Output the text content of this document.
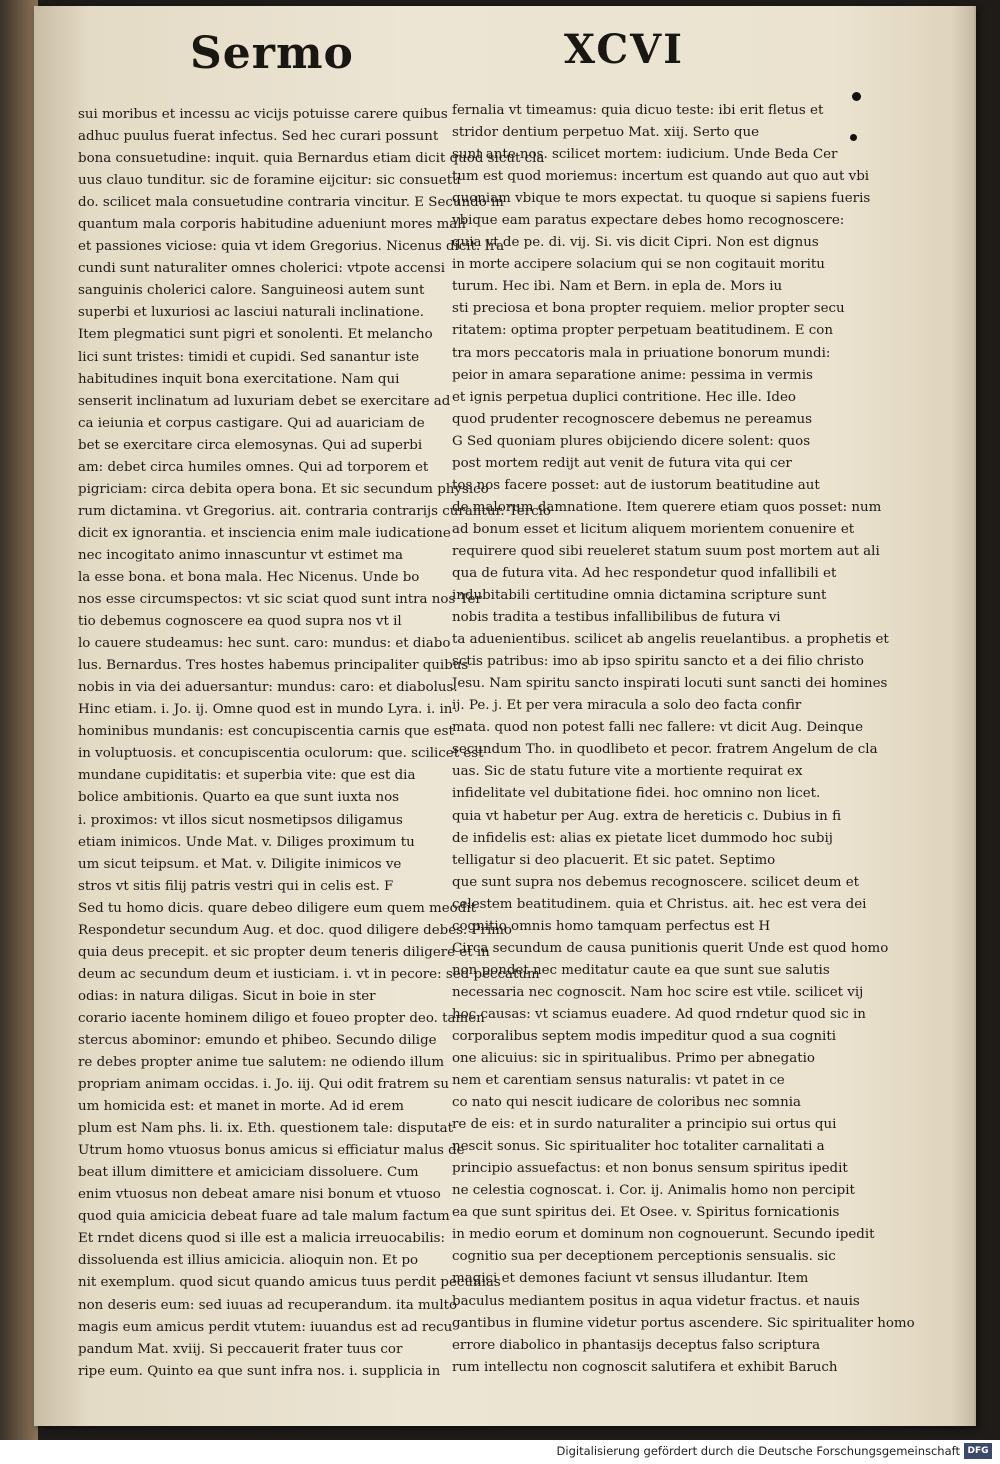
Sermo	XCVI
sui moribus et incessu ac vicijs potuisse carere quibus
adhuc puulus fuerat infectus. Sed hec curari possunt
bona consuetudine: inquit. quia Bernardus etiam dicit quod sicut cla
uus clauo tunditur. sic de foramine eijcitur: sic consuetu
do. scilicet mala consuetudine contraria vincitur. E Secundo in
quantum mala corporis habitudine adueniunt mores mali
et passiones viciose: quia vt idem Gregorius. Nicenus dicit. Ira
cundi sunt naturaliter omnes cholerici: vtpote accensi
sanguinis cholerici calore. Sanguineosi autem sunt
superbi et luxuriosi ac lasciui naturali inclinatione.
Item plegmatici sunt pigri et sonolenti. Et melancho
lici sunt tristes: timidi et cupidi. Sed sanantur iste
habitudines inquit bona exercitatione. Nam qui
senserit inclinatum ad luxuriam debet se exercitare ad
ca ieiunia et corpus castigare. Qui ad auariciam de
bet se exercitare circa elemosynas. Qui ad superbi
am: debet circa humiles omnes. Qui ad torporem et
pigriciam: circa debita opera bona. Et sic secundum physico
rum dictamina. vt Gregorius. ait. contraria contrarijs curantur. Tercio
dicit ex ignorantia. et insciencia enim male iudicatione
nec incogitato animo innascuntur vt estimet ma
la esse bona. et bona mala. Hec Nicenus. Unde bo
nos esse circumspectos: vt sic sciat quod sunt intra nos Ter
tio debemus cognoscere ea quod supra nos vt il
lo cauere studeamus: hec sunt. caro: mundus: et diabo
lus. Bernardus. Tres hostes habemus principaliter quibus
nobis in via dei aduersantur: mundus: caro: et diabolus.
Hinc etiam. i. Jo. ij. Omne quod est in mundo Lyra. i. in
hominibus mundanis: est concupiscentia carnis que est
in voluptuosis. et concupiscentia oculorum: que. scilicet est
mundane cupiditatis: et superbia vite: que est dia
bolice ambitionis. Quarto ea que sunt iuxta nos
i. proximos: vt illos sicut nosmetipsos diligamus
etiam inimicos. Unde Mat. v. Diliges proximum tu
um sicut teipsum. et Mat. v. Diligite inimicos ve
stros vt sitis filij patris vestri qui in celis est. F
Sed tu homo dicis. quare debeo diligere eum quem meodit
Respondetur secundum Aug. et doc. quod diligere debes. Primo
quia deus precepit. et sic propter deum teneris diligere et in
deum ac secundum deum et iusticiam. i. vt in pecore: sed peccatum
odias: in natura diligas. Sicut in boie in ster
corario iacente hominem diligo et foueo propter deo. tamen
stercus abominor: emundo et phibeo. Secundo dilige
re debes propter anime tue salutem: ne odiendo illum
propriam animam occidas. i. Jo. iij. Qui odit fratrem su
um homicida est: et manet in morte. Ad id erem
plum est Nam phs. li. ix. Eth. questionem tale: disputat
Utrum homo vtuosus bonus amicus si efficiatur malus de
beat illum dimittere et amiciciam dissoluere. Cum
enim vtuosus non debeat amare nisi bonum et vtuoso
quod quia amicicia debeat fuare ad tale malum factum
Et rndet dicens quod si ille est a malicia irreuocabilis:
dissoluenda est illius amicicia. alioquin non. Et po
nit exemplum. quod sicut quando amicus tuus perdit pecunias
non deseris eum: sed iuuas ad recuperandum. ita multo
magis eum amicus perdit vtutem: iuuandus est ad recu
pandum Mat. xviij. Si peccauerit frater tuus cor
ripe eum. Quinto ea que sunt infra nos. i. supplicia in
fernalia vt timeamus: quia dicuo teste: ibi erit fletus et
stridor dentium perpetuo Mat. xiij. Serto que
sunt ante nos. scilicet mortem: iudicium. Unde Beda Cer
tum est quod moriemus: incertum est quando aut quo aut vbi
quoniam vbique te mors expectat. tu quoque si sapiens fueris
vbique eam paratus expectare debes homo recognoscere:
quia vt de pe. di. vij. Si. vis dicit Cipri. Non est dignus
in morte accipere solacium qui se non cogitauit moritu
turum. Hec ibi. Nam et Bern. in epla de. Mors iu
sti preciosa et bona propter requiem. melior propter secu
ritatem: optima propter perpetuam beatitudinem. E con
tra mors peccatoris mala in priuatione bonorum mundi:
peior in amara separatione anime: pessima in vermis
et ignis perpetua duplici contritione. Hec ille. Ideo
quod prudenter recognoscere debemus ne pereamus
G Sed quoniam plures obijciendo dicere solent: quos
post mortem redijt aut venit de futura vita qui cer
tos nos facere posset: aut de iustorum beatitudine aut
de malorum damnatione. Item querere etiam quos posset: num
ad bonum esset et licitum aliquem morientem conuenire et
requirere quod sibi reueleret statum suum post mortem aut ali
qua de futura vita. Ad hec respondetur quod infallibili et
indubitabili certitudine omnia dictamina scripture sunt
nobis tradita a testibus infallibilibus de futura vi
ta aduenientibus. scilicet ab angelis reuelantibus. a prophetis et
sctis patribus: imo ab ipso spiritu sancto et a dei filio christo
Jesu. Nam spiritu sancto inspirati locuti sunt sancti dei homines
ij. Pe. j. Et per vera miracula a solo deo facta confir
mata. quod non potest falli nec fallere: vt dicit Aug. Deinque
secundum Tho. in quodlibeto et pecor. fratrem Angelum de cla
uas. Sic de statu future vite a mortiente requirat ex
infidelitate vel dubitatione fidei. hoc omnino non licet.
quia vt habetur per Aug. extra de hereticis c. Dubius in fi
de infidelis est: alias ex pietate licet dummodo hoc subij
telligatur si deo placuerit. Et sic patet. Septimo
que sunt supra nos debemus recognoscere. scilicet deum et
celestem beatitudinem. quia et Christus. ait. hec est vera dei
cognitio omnis homo tamquam perfectus est H
Circa secundum de causa punitionis querit Unde est quod homo
non pondet nec meditatur caute ea que sunt sue salutis
necessaria nec cognoscit. Nam hoc scire est vtile. scilicet vij
hoc causas: vt sciamus euadere. Ad quod rndetur quod sic in
corporalibus septem modis impeditur quod a sua cogniti
one alicuius: sic in spiritualibus. Primo per abnegatio
nem et carentiam sensus naturalis: vt patet in ce
co nato qui nescit iudicare de coloribus nec somnia
re de eis: et in surdo naturaliter a principio sui ortus qui
nescit sonus. Sic spiritualiter hoc totaliter carnalitati a
principio assuefactus: et non bonus sensum spiritus ipedit
ne celestia cognoscat. i. Cor. ij. Animalis homo non percipit
ea que sunt spiritus dei. Et Osee. v. Spiritus fornicationis
in medio eorum et dominum non cognouerunt. Secundo ipedit
cognitio sua per deceptionem perceptionis sensualis. sic
magici et demones faciunt vt sensus illudantur. Item
baculus mediantem positus in aqua videtur fractus. et nauis
gantibus in flumine videtur portus ascendere. Sic spiritualiter homo
errore diabolico in phantasijs deceptus falso scriptura
rum intellectu non cognoscit salutifera et exhibit Baruch
Digitalisierung gefördert durch die Deutsche Forschungsgemeinschaft DFG
